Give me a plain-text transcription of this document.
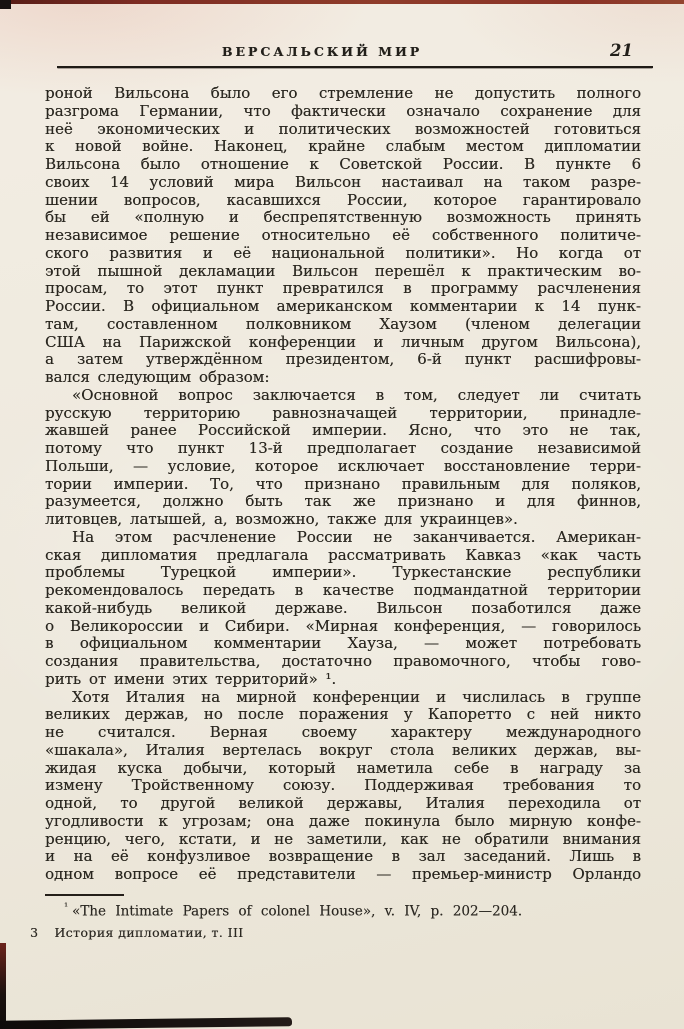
ВЕРСАЛЬСКИЙ МИР	21
роной Вильсона было его стремление не допустить полного
разгрома Германии, что фактически означало сохранение для
неё экономических и политических возможностей готовиться
к новой войне. Наконец, крайне слабым местом дипломатии
Вильсона было отношение к Советской России. В пункте 6
своих 14 условий мира Вильсон настаивал на таком разре-
шении вопросов, касавшихся России, которое гарантировало
бы ей «полную и беспрепятственную возможность принять
независимое решение относительно её собственного политиче-
ского развития и её национальной политики». Но когда от
этой пышной декламации Вильсон перешёл к практическим во-
просам, то этот пункт превратился в программу расчленения
России. В официальном американском комментарии к 14 пунк-
там, составленном полковником Хаузом (членом делегации
США на Парижской конференции и личным другом Вильсона),
а затем утверждённом президентом, 6-й пункт расшифровы-
вался следующим образом:
«Основной вопрос заключается в том, следует ли считать
русскую территорию равнозначащей территории, принадле-
жавшей ранее Российской империи. Ясно, что это не так,
потому что пункт 13-й предполагает создание независимой
Польши, — условие, которое исключает восстановление терри-
тории империи. То, что признано правильным для поляков,
разумеется, должно быть так же признано и для финнов,
литовцев, латышей, а, возможно, также для украинцев».
На этом расчленение России не заканчивается. Американ-
ская дипломатия предлагала рассматривать Кавказ «как часть
проблемы Турецкой империи». Туркестанские республики
рекомендовалось передать в качестве подмандатной территории
какой-нибудь великой державе. Вильсон позаботился даже
о Великороссии и Сибири. «Мирная конференция, — говорилось
в официальном комментарии Хауза, — может потребовать
создания правительства, достаточно правомочного, чтобы гово-
рить от имени этих территорий» ¹.
Хотя Италия на мирной конференции и числилась в группе
великих держав, но после поражения у Капоретто с ней никто
не считался. Верная своему характеру международного
«шакала», Италия вертелась вокруг стола великих держав, вы-
жидая куска добычи, который наметила себе в награду за
измену Тройственному союзу. Поддерживая требования то
одной, то другой великой державы, Италия переходила от
угодливости к угрозам; она даже покинула было мирную конфе-
ренцию, чего, кстати, и не заметили, как не обратили внимания
и на её конфузливое возвращение в зал заседаний. Лишь в
одном вопросе её представители — премьер-министр Орландо
$^{^1}$ «The Intimate Papers of colonel House», v. IV, p. 202—204.
3 История дипломатии, т. III
